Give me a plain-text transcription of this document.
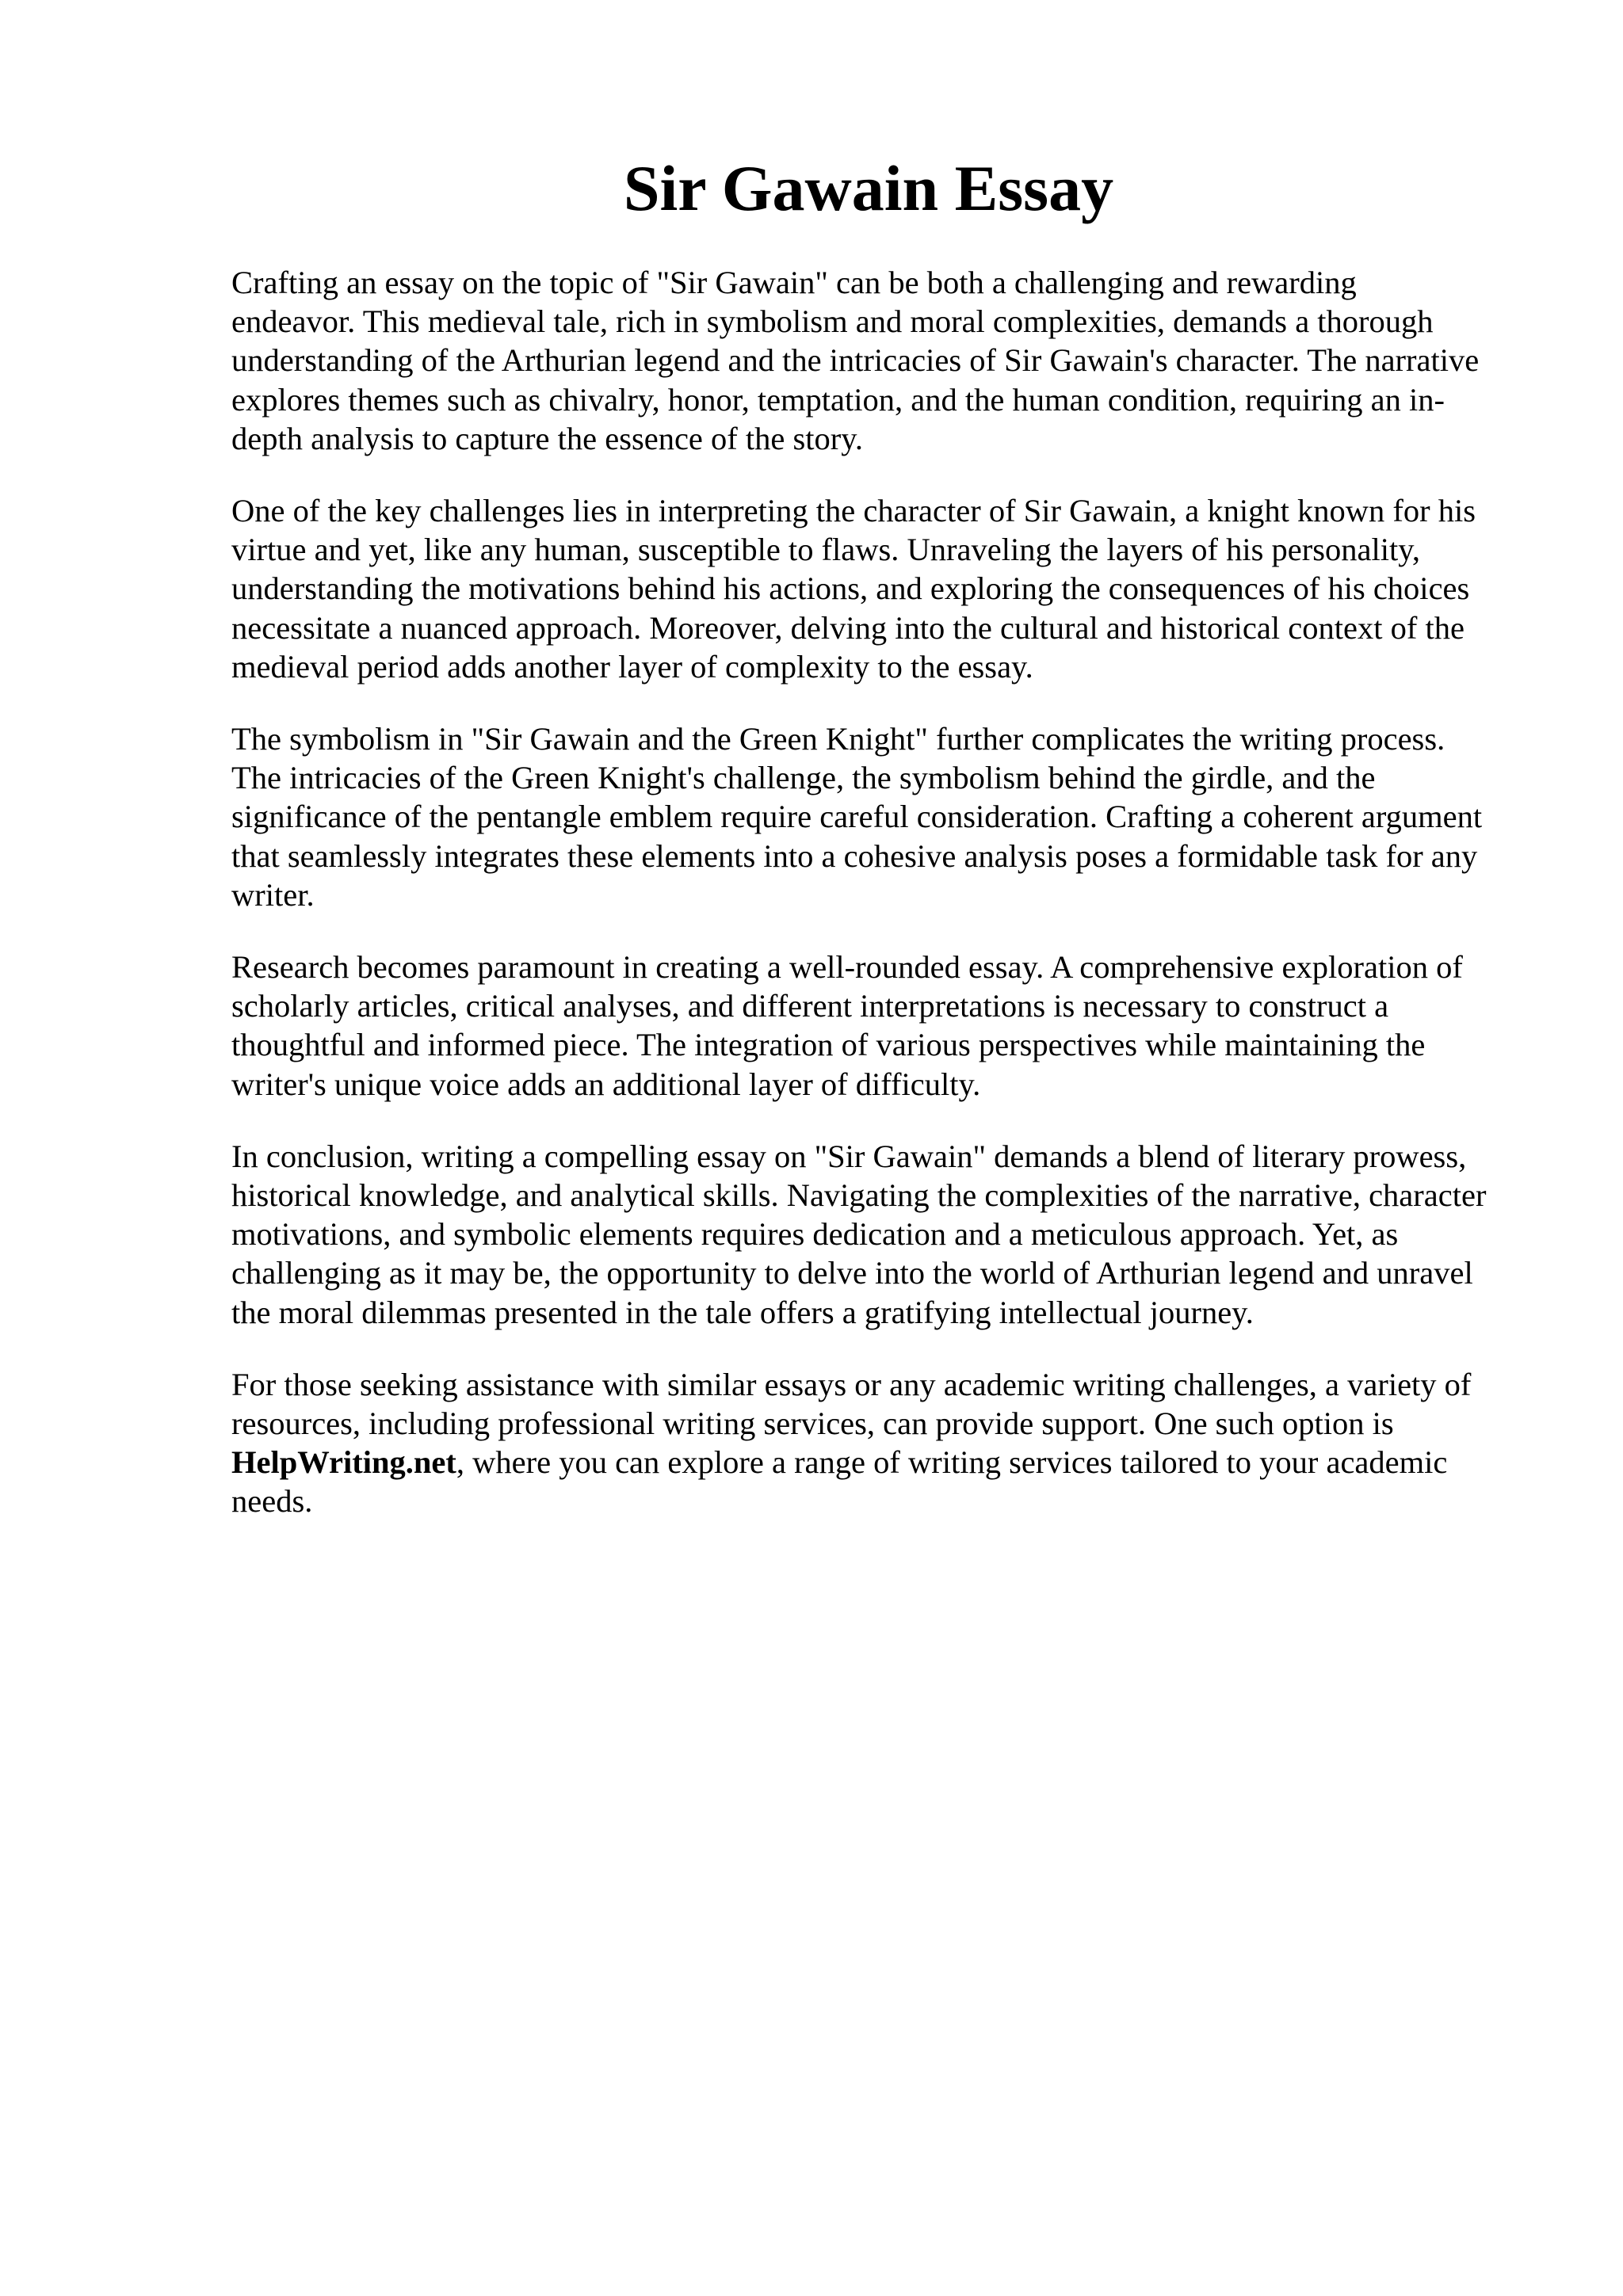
Sir Gawain Essay

Crafting an essay on the topic of "Sir Gawain" can be both a challenging and rewarding
endeavor. This medieval tale, rich in symbolism and moral complexities, demands a thorough
understanding of the Arthurian legend and the intricacies of Sir Gawain's character. The narrative
explores themes such as chivalry, honor, temptation, and the human condition, requiring an in-
depth analysis to capture the essence of the story.

One of the key challenges lies in interpreting the character of Sir Gawain, a knight known for his
virtue and yet, like any human, susceptible to flaws. Unraveling the layers of his personality,
understanding the motivations behind his actions, and exploring the consequences of his choices
necessitate a nuanced approach. Moreover, delving into the cultural and historical context of the
medieval period adds another layer of complexity to the essay.

The symbolism in "Sir Gawain and the Green Knight" further complicates the writing process.
The intricacies of the Green Knight's challenge, the symbolism behind the girdle, and the
significance of the pentangle emblem require careful consideration. Crafting a coherent argument
that seamlessly integrates these elements into a cohesive analysis poses a formidable task for any
writer.

Research becomes paramount in creating a well-rounded essay. A comprehensive exploration of
scholarly articles, critical analyses, and different interpretations is necessary to construct a
thoughtful and informed piece. The integration of various perspectives while maintaining the
writer's unique voice adds an additional layer of difficulty.

In conclusion, writing a compelling essay on "Sir Gawain" demands a blend of literary prowess,
historical knowledge, and analytical skills. Navigating the complexities of the narrative, character
motivations, and symbolic elements requires dedication and a meticulous approach. Yet, as
challenging as it may be, the opportunity to delve into the world of Arthurian legend and unravel
the moral dilemmas presented in the tale offers a gratifying intellectual journey.

For those seeking assistance with similar essays or any academic writing challenges, a variety of
resources, including professional writing services, can provide support. One such option is
HelpWriting.net, where you can explore a range of writing services tailored to your academic
needs.
